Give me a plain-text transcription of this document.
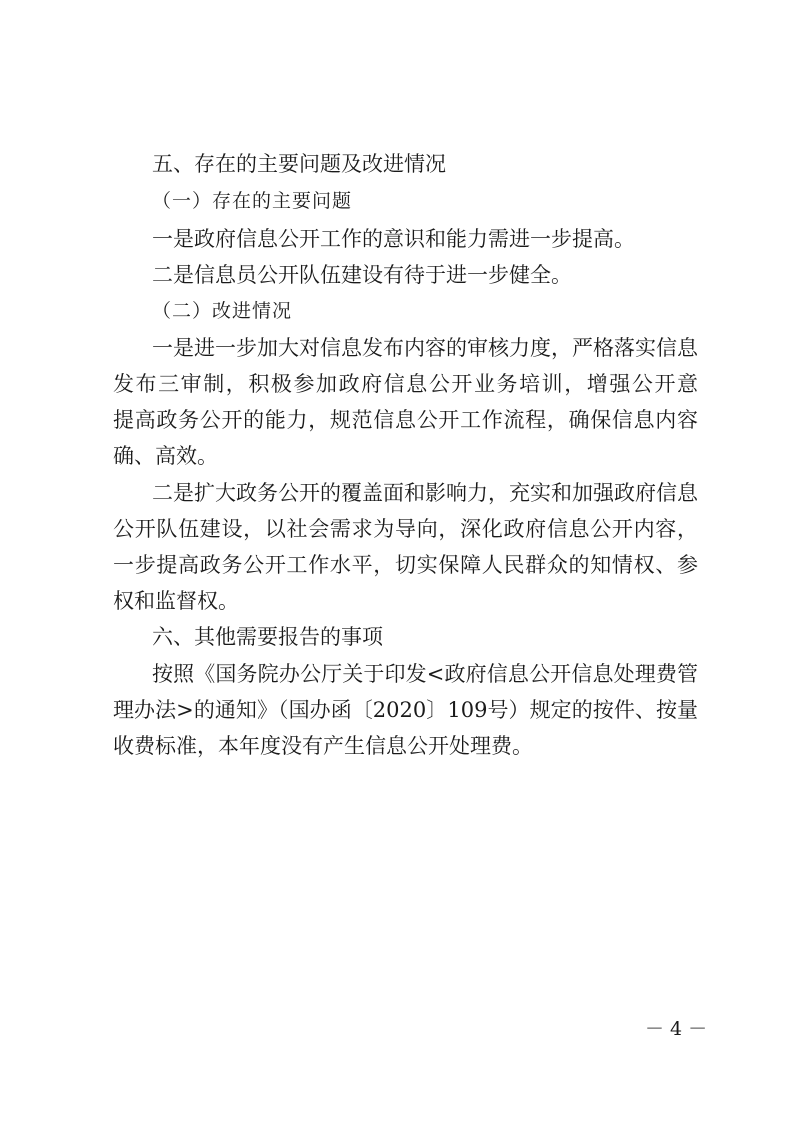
五、存在的主要问题及改进情况
（一）存在的主要问题
一是政府信息公开工作的意识和能力需进一步提高。
二是信息员公开队伍建设有待于进一步健全。
（二）改进情况
一是进一步加大对信息发布内容的审核力度，严格落实信息
发布三审制，积极参加政府信息公开业务培训，增强公开意
提高政务公开的能力，规范信息公开工作流程，确保信息内容
确、高效。
二是扩大政务公开的覆盖面和影响力，充实和加强政府信息
公开队伍建设，以社会需求为导向，深化政府信息公开内容，
一步提高政务公开工作水平，切实保障人民群众的知情权、参
权和监督权。
六、其他需要报告的事项
按照《国务院办公厅关于印发<政府信息公开信息处理费管
理办法>的通知》（国办函〔2020〕109号）规定的按件、按量
收费标准，本年度没有产生信息公开处理费。
－ 4 －
